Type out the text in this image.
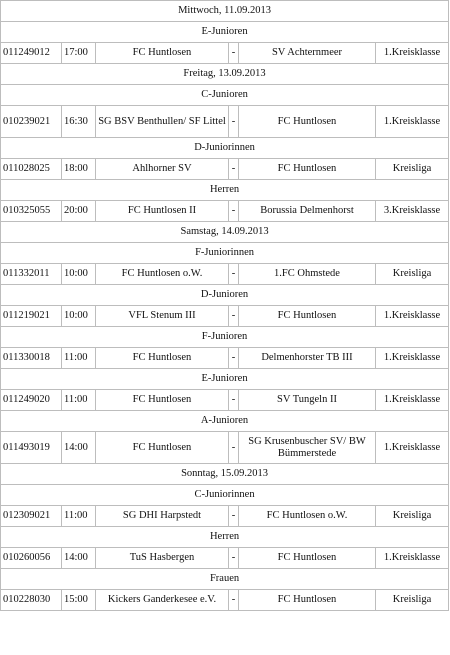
Mittwoch, 11.09.2013					
E-Junioren					
011249012	17:00	FC Huntlosen	-	SV Achternmeer	1.Kreisklasse
Freitag, 13.09.2013					
C-Junioren					
010239021	16:30	SG BSV Benthullen/ SF Littel	-	FC Huntlosen	1.Kreisklasse
D-Juniorinnen					
011028025	18:00	Ahlhorner SV	-	FC Huntlosen	Kreisliga
Herren					
010325055	20:00	FC Huntlosen II	-	Borussia Delmenhorst	3.Kreisklasse
Samstag, 14.09.2013					
F-Juniorinnen					
011332011	10:00	FC Huntlosen o.W.	-	1.FC Ohmstede	Kreisliga
D-Junioren					
011219021	10:00	VFL Stenum III	-	FC Huntlosen	1.Kreisklasse
F-Junioren					
011330018	11:00	FC Huntlosen	-	Delmenhorster TB III	1.Kreisklasse
E-Junioren					
011249020	11:00	FC Huntlosen	-	SV Tungeln II	1.Kreisklasse
A-Junioren					
011493019	14:00	FC Huntlosen	-	SG Krusenbuscher SV/ BW Bümmerstede	1.Kreisklasse
Sonntag, 15.09.2013					
C-Juniorinnen					
012309021	11:00	SG DHI Harpstedt	-	FC Huntlosen o.W.	Kreisliga
Herren					
010260056	14:00	TuS Hasbergen	-	FC Huntlosen	1.Kreisklasse
Frauen					
010228030	15:00	Kickers Ganderkesee e.V.	-	FC Huntlosen	Kreisliga
